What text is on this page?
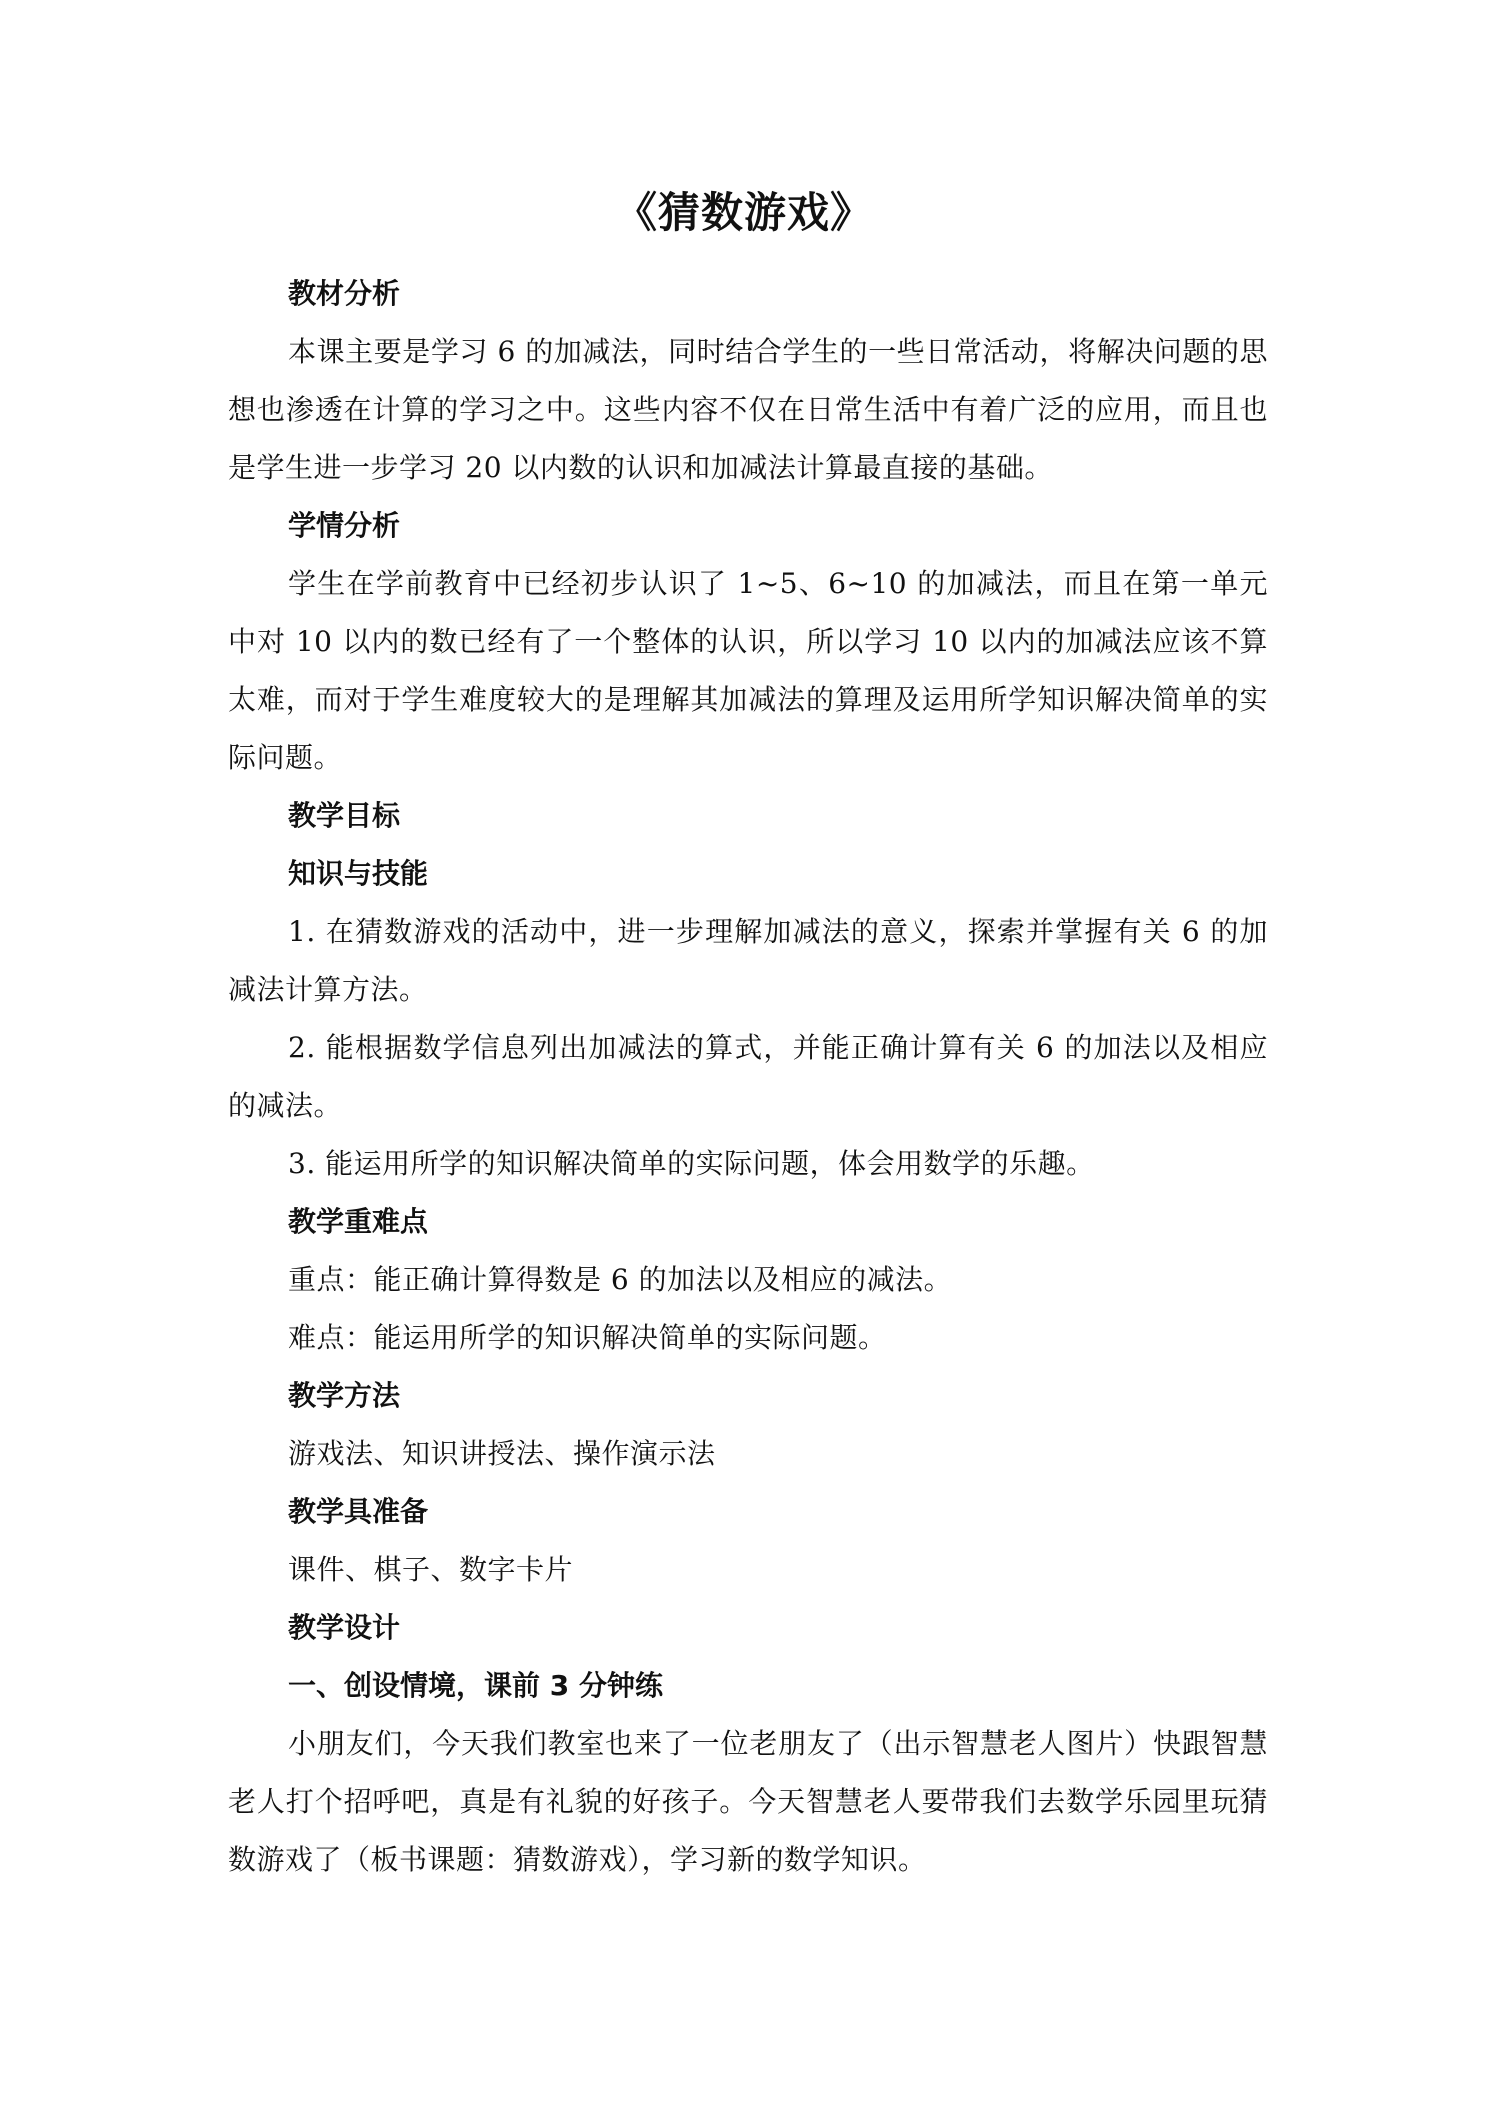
《猜数游戏》

教材分析

本课主要是学习 6 的加减法，同时结合学生的一些日常活动，将解决问题的思想也渗透在计算的学习之中。这些内容不仅在日常生活中有着广泛的应用，而且也是学生进一步学习 20 以内数的认识和加减法计算最直接的基础。

学情分析

学生在学前教育中已经初步认识了 1~5、6~10 的加减法，而且在第一单元中对 10 以内的数已经有了一个整体的认识，所以学习 10 以内的加减法应该不算太难，而对于学生难度较大的是理解其加减法的算理及运用所学知识解决简单的实际问题。

教学目标

知识与技能

1. 在猜数游戏的活动中，进一步理解加减法的意义，探索并掌握有关 6 的加减法计算方法。

2. 能根据数学信息列出加减法的算式，并能正确计算有关 6 的加法以及相应的减法。

3. 能运用所学的知识解决简单的实际问题，体会用数学的乐趣。

教学重难点

重点：能正确计算得数是 6 的加法以及相应的减法。

难点：能运用所学的知识解决简单的实际问题。

教学方法

游戏法、知识讲授法、操作演示法

教学具准备

课件、棋子、数字卡片

教学设计

一、创设情境，课前 3 分钟练

小朋友们，今天我们教室也来了一位老朋友了（出示智慧老人图片）快跟智慧老人打个招呼吧，真是有礼貌的好孩子。今天智慧老人要带我们去数学乐园里玩猜数游戏了（板书课题：猜数游戏），学习新的数学知识。
